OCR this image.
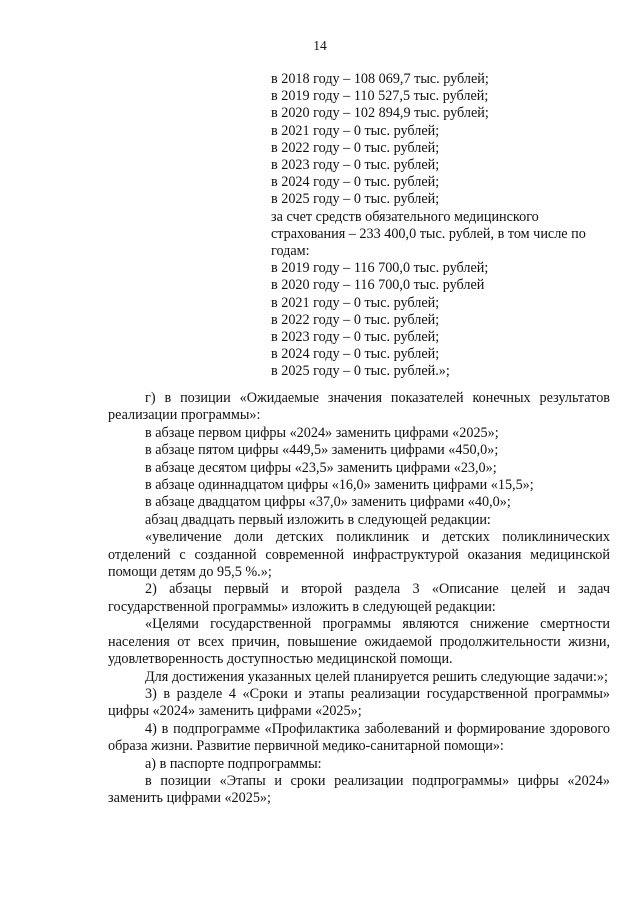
14
в 2018 году – 108 069,7 тыс. рублей;
в 2019 году – 110 527,5 тыс. рублей;
в 2020 году – 102 894,9 тыс. рублей;
в 2021 году – 0 тыс. рублей;
в 2022 году – 0 тыс. рублей;
в 2023 году – 0 тыс. рублей;
в 2024 году – 0 тыс. рублей;
в 2025 году – 0 тыс. рублей;
за счет средств обязательного медицинского
страхования – 233 400,0 тыс. рублей, в том числе по
годам:
в 2019 году – 116 700,0 тыс. рублей;
в 2020 году – 116 700,0 тыс. рублей
в 2021 году – 0 тыс. рублей;
в 2022 году – 0 тыс. рублей;
в 2023 году – 0 тыс. рублей;
в 2024 году – 0 тыс. рублей;
в 2025 году – 0 тыс. рублей.»;

г) в позиции «Ожидаемые значения показателей конечных результатов реализации программы»:

в абзаце первом цифры «2024» заменить цифрами «2025»;

в абзаце пятом цифры «449,5» заменить цифрами «450,0»;

в абзаце десятом цифры «23,5» заменить цифрами «23,0»;

в абзаце одиннадцатом цифры «16,0» заменить цифрами «15,5»;

в абзаце двадцатом цифры «37,0» заменить цифрами «40,0»;

абзац двадцать первый изложить в следующей редакции:

«увеличение доли детских поликлиник и детских поликлинических отделений с созданной современной инфраструктурой оказания медицинской помощи детям до 95,5 %.»;

2) абзацы первый и второй раздела 3 «Описание целей и задач государственной программы» изложить в следующей редакции:

«Целями государственной программы являются снижение смертности населения от всех причин, повышение ожидаемой продолжительности жизни, удовлетворенность доступностью медицинской помощи.

Для достижения указанных целей планируется решить следующие задачи:»;

3) в разделе 4 «Сроки и этапы реализации государственной программы» цифры «2024» заменить цифрами «2025»;

4) в подпрограмме «Профилактика заболеваний и формирование здорового образа жизни. Развитие первичной медико-санитарной помощи»:

а) в паспорте подпрограммы:

в позиции «Этапы и сроки реализации подпрограммы» цифры «2024» заменить цифрами «2025»;
